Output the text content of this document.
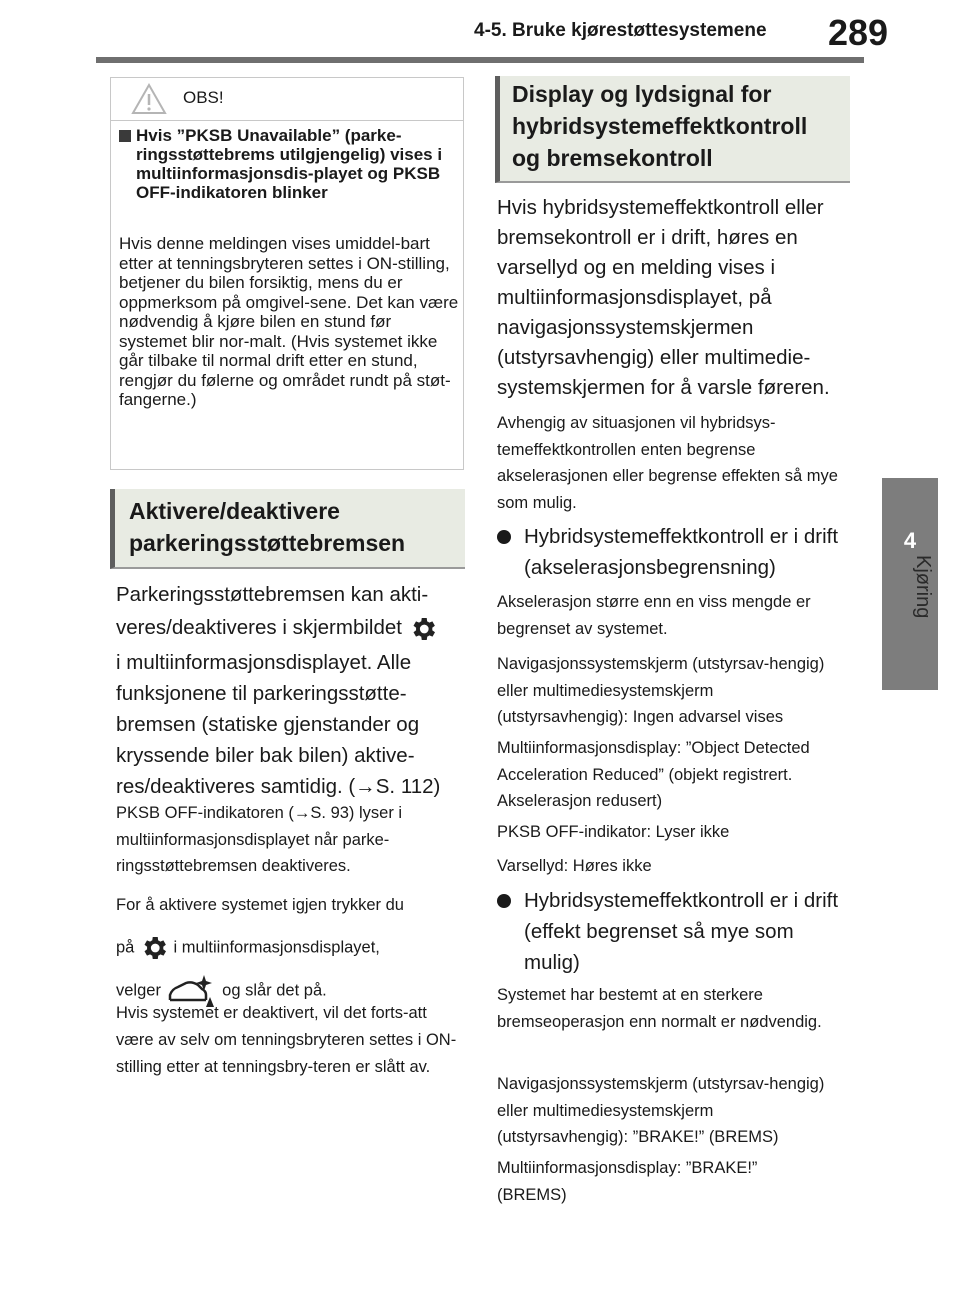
4-5. Bruke kjørestøttesystemene 289
4
Kjøring
OBS!
Hvis ”PKSB Unavailable” (parke-ringsstøttebrems utilgjengelig) vises i multiinformasjonsdis-playet og PKSB OFF-indikatoren blinker
Hvis denne meldingen vises umiddel-bart etter at tenningsbryteren settes i ON-stilling, betjener du bilen forsiktig, mens du er oppmerksom på omgivel-sene. Det kan være nødvendig å kjøre bilen en stund før systemet blir nor-malt. (Hvis systemet ikke går tilbake til normal drift etter en stund, rengjør du følerne og området rundt på støt-fangerne.)
Aktivere/deaktivere
parkeringsstøttebremsen
Parkeringsstøttebremsen kan akti-
veres/deaktiveres i skjermbildet
i multiinformasjonsdisplayet. Alle funksjonene til parkeringsstøtte-bremsen (statiske gjenstander og kryssende biler bak bilen) aktive-res/deaktiveres samtidig. (→S. 112)
PKSB OFF-indikatoren (→S. 93) lyser i multiinformasjonsdisplayet når parke-ringsstøttebremsen deaktiveres.
For å aktivere systemet igjen trykker du
på i multiinformasjonsdisplayet,
velger	og slår det på.
Hvis systemet er deaktivert, vil det forts-att være av selv om tenningsbryteren settes i ON-stilling etter at tenningsbry-teren er slått av.
Display og lydsignal for
hybridsystemeffektkontroll
og bremsekontroll
Hvis hybridsystemeffektkontroll eller bremsekontroll er i drift, høres en varsellyd og en melding vises i multiinformasjonsdisplayet, på navigasjonssystemskjermen (utstyrsavhengig) eller multimedie-systemskjermen for å varsle føreren.
Avhengig av situasjonen vil hybridsys-temeffektkontrollen enten begrense akselerasjonen eller begrense effekten så mye som mulig.
Hybridsystemeffektkontroll er i drift (akselerasjonsbegrensning)
Akselerasjon større enn en viss mengde er begrenset av systemet.
Navigasjonssystemskjerm (utstyrsav-hengig) eller multimediesystemskjerm (utstyrsavhengig): Ingen advarsel vises
Multiinformasjonsdisplay: ”Object Detected Acceleration Reduced” (objekt registrert. Akselerasjon redusert)
PKSB OFF-indikator: Lyser ikke
Varsellyd: Høres ikke
Hybridsystemeffektkontroll er i drift (effekt begrenset så mye som mulig)
Systemet har bestemt at en sterkere bremseoperasjon enn normalt er nødvendig.
Navigasjonssystemskjerm (utstyrsav-hengig) eller multimediesystemskjerm (utstyrsavhengig): ”BRAKE!” (BREMS)
Multiinformasjonsdisplay: ”BRAKE!” (BREMS)
